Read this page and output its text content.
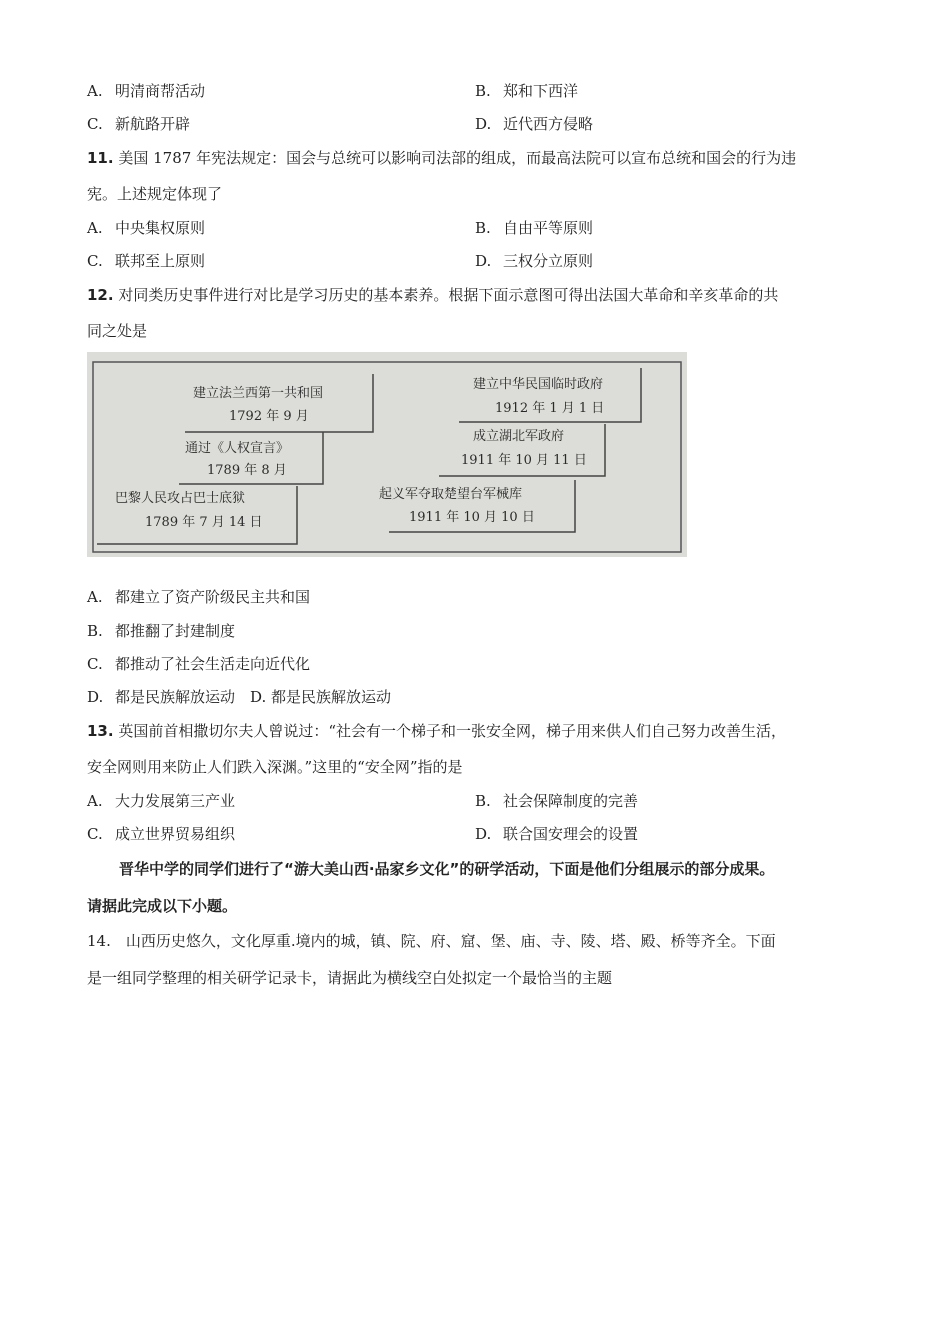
A. 明清商帮活动	B. 郑和下西洋
C. 新航路开辟	D. 近代西方侵略
11. 美国 1787 年宪法规定：国会与总统可以影响司法部的组成，而最高法院可以宣布总统和国会的行为违
宪。上述规定体现了
A. 中央集权原则	B. 自由平等原则
C. 联邦至上原则	D. 三权分立原则
12. 对同类历史事件进行对比是学习历史的基本素养。根据下面示意图可得出法国大革命和辛亥革命的共
同之处是
巴黎人民攻占巴士底狱
1789 年 7 月 14 日
通过《人权宣言》
1789 年 8 月
建立法兰西第一共和国
1792 年 9 月
起义军夺取楚望台军械库
1911 年 10 月 10 日
成立湖北军政府
1911 年 10 月 11 日
建立中华民国临时政府
1912 年 1 月 1 日
A. 都建立了资产阶级民主共和国
B. 都推翻了封建制度
C. 都推动了社会生活走向近代化
D. 都是民族解放运动　D. 都是民族解放运动
13. 英国前首相撒切尔夫人曾说过：“社会有一个梯子和一张安全网，梯子用来供人们自己努力改善生活，
安全网则用来防止人们跌入深渊。”这里的“安全网”指的是
A. 大力发展第三产业	B. 社会保障制度的完善
C. 成立世界贸易组织	D. 联合国安理会的设置
晋华中学的同学们进行了“游大美山西·品家乡文化”的研学活动，下面是他们分组展示的部分成果。
请据此完成以下小题。
14.　山西历史悠久，文化厚重.境内的城，镇、院、府、窟、堡、庙、寺、陵、塔、殿、桥等齐全。下面
是一组同学整理的相关研学记录卡，请据此为横线空白处拟定一个最恰当的主题
